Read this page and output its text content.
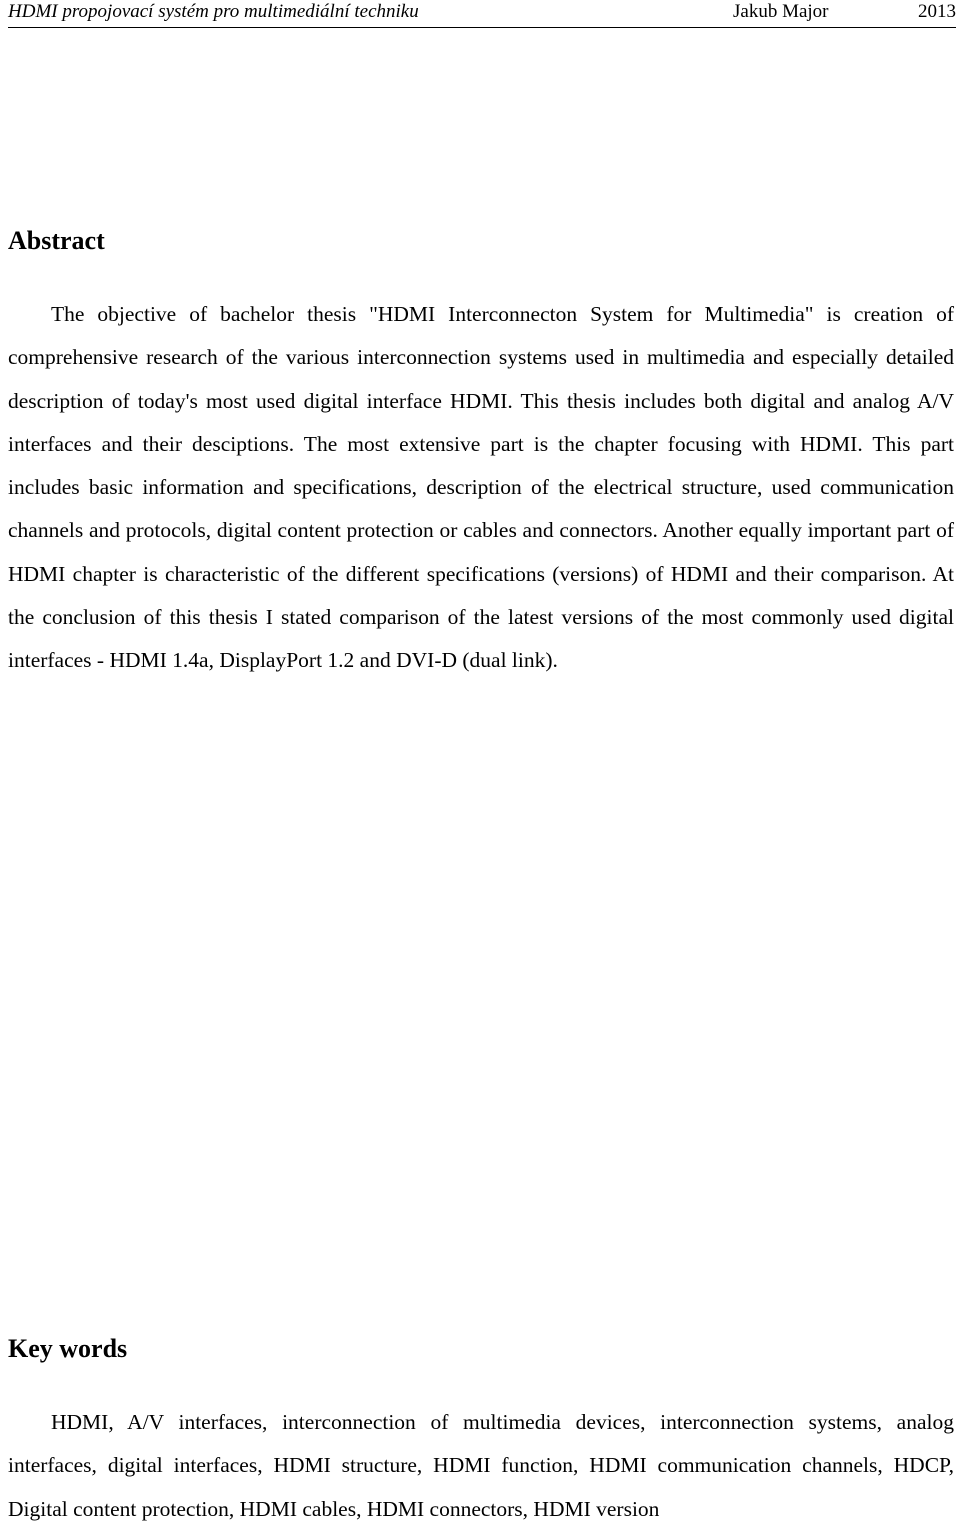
HDMI propojovací systém pro multimediální techniku	Jakub Major	2013
Abstract

The objective of bachelor thesis "HDMI Interconnecton System for Multimedia" is creation of comprehensive research of the various interconnection systems used in multimedia and especially detailed description of today's most used digital interface HDMI. This thesis includes both digital and analog A/V interfaces and their desciptions. The most extensive part is the chapter focusing with HDMI. This part includes basic information and specifications, description of the electrical structure, used communication channels and protocols, digital content protection or cables and connectors. Another equally important part of HDMI chapter is characteristic of the different specifications (versions) of HDMI and their comparison. At the conclusion of this thesis I stated comparison of the latest versions of the most commonly used digital interfaces - HDMI 1.4a, DisplayPort 1.2 and DVI-D (dual link).

Key words

HDMI, A/V interfaces, interconnection of multimedia devices, interconnection systems, analog interfaces, digital interfaces, HDMI structure, HDMI function, HDMI communication channels, HDCP, Digital content protection, HDMI cables, HDMI connectors, HDMI version
